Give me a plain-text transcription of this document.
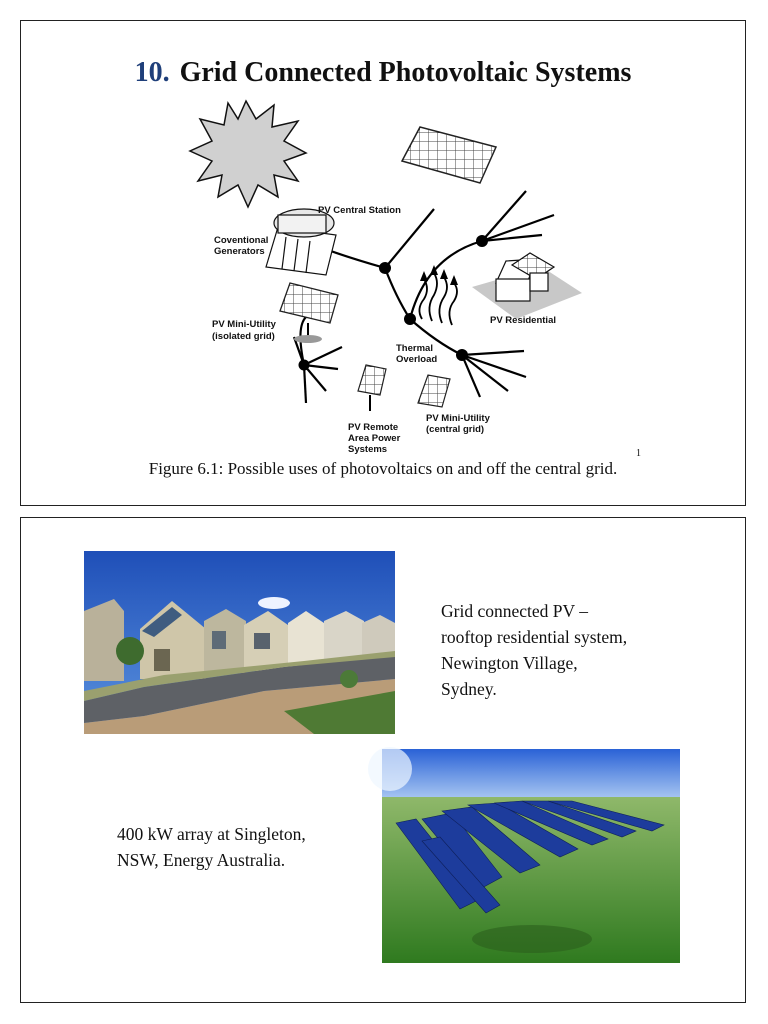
10. Grid Connected Photovoltaic Systems
PV Central Station
Coventional
Generators
PV Mini-Utility
(isolated grid)
Thermal
Overload
PV Residential
PV Remote
Area Power
Systems
PV Mini-Utility
(central grid)
1
Figure 6.1: Possible uses of photovoltaics on and off the central grid.
Grid connected PV –
rooftop residential system,
Newington Village,
Sydney.
400 kW array at Singleton,
NSW, Energy Australia.
